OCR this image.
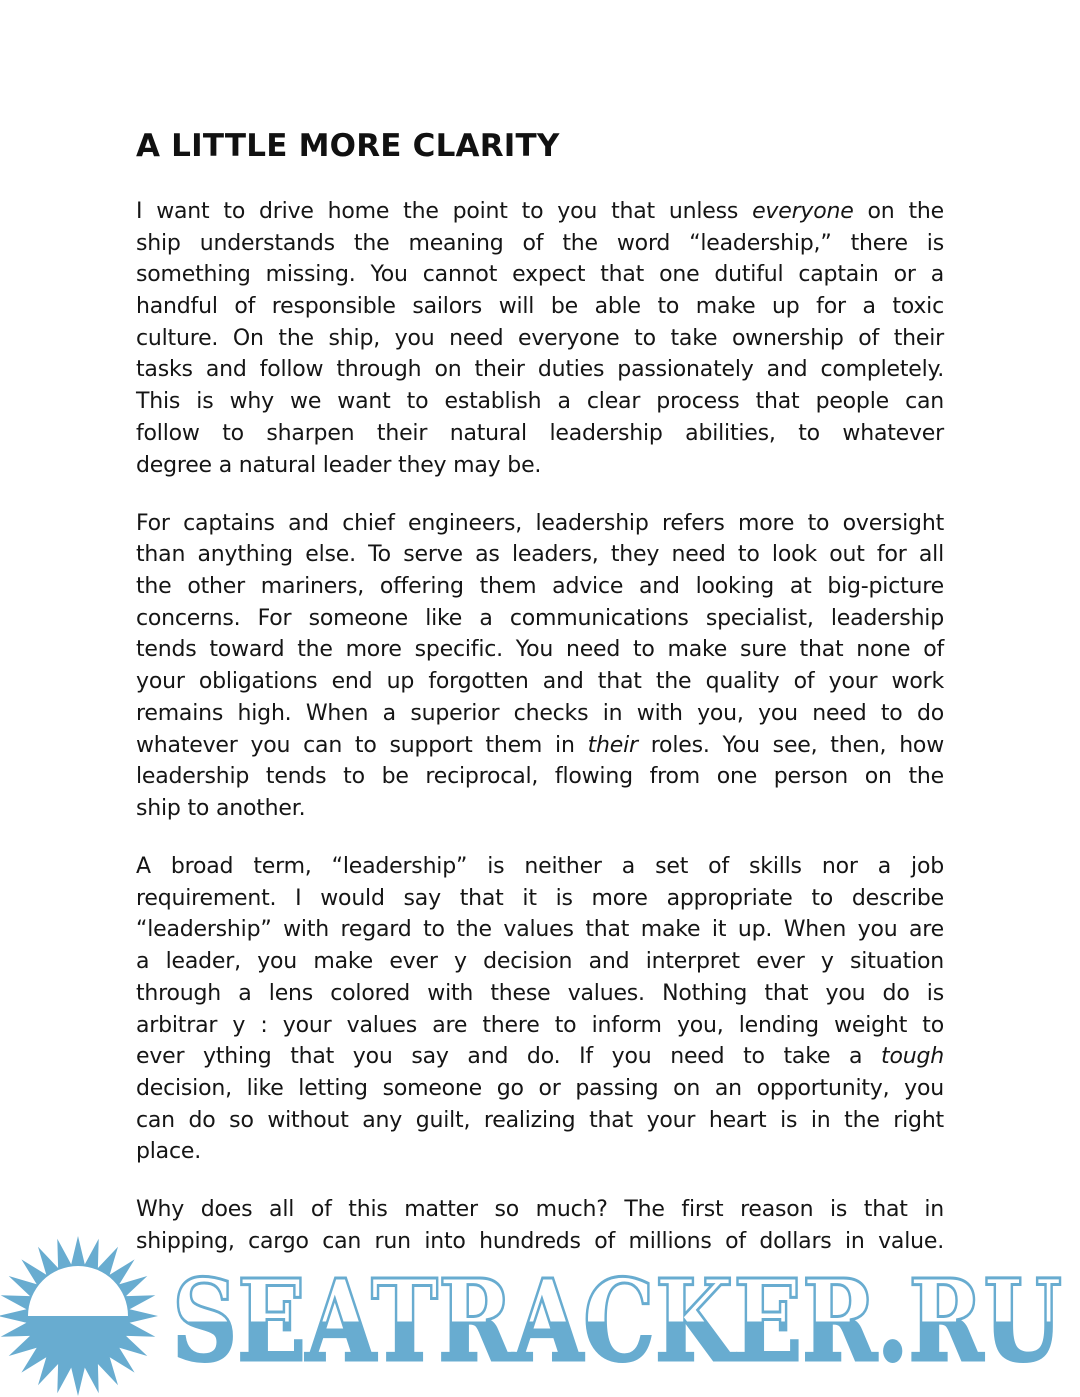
A LITTLE MORE CLARITY
I want to drive home the point to you that unless everyone on the
ship understands the meaning of the word “leadership,” there is
something missing. You cannot expect that one dutiful captain or a
handful of responsible sailors will be able to make up for a toxic
culture. On the ship, you need everyone to take ownership of their
tasks and follow through on their duties passionately and completely.
This is why we want to establish a clear process that people can
follow to sharpen their natural leadership abilities, to whatever
degree a natural leader they may be.
For captains and chief engineers, leadership refers more to oversight
than anything else. To serve as leaders, they need to look out for all
the other mariners, offering them advice and looking at big-picture
concerns. For someone like a communications specialist, leadership
tends toward the more specific. You need to make sure that none of
your obligations end up forgotten and that the quality of your work
remains high. When a superior checks in with you, you need to do
whatever you can to support them in their roles. You see, then, how
leadership tends to be reciprocal, flowing from one person on the
ship to another.
A broad term, “leadership” is neither a set of skills nor a job
requirement. I would say that it is more appropriate to describe
“leadership” with regard to the values that make it up. When you are
a leader, you make ever y decision and interpret ever y situation
through a lens colored with these values. Nothing that you do is
arbitrar y : your values are there to inform you, lending weight to
ever ything that you say and do. If you need to take a tough
decision, like letting someone go or passing on an opportunity, you
can do so without any guilt, realizing that your heart is in the right
place.
Why does all of this matter so much? The first reason is that in
shipping, cargo can run into hundreds of millions of dollars in value.
SEATRACKER.RU
